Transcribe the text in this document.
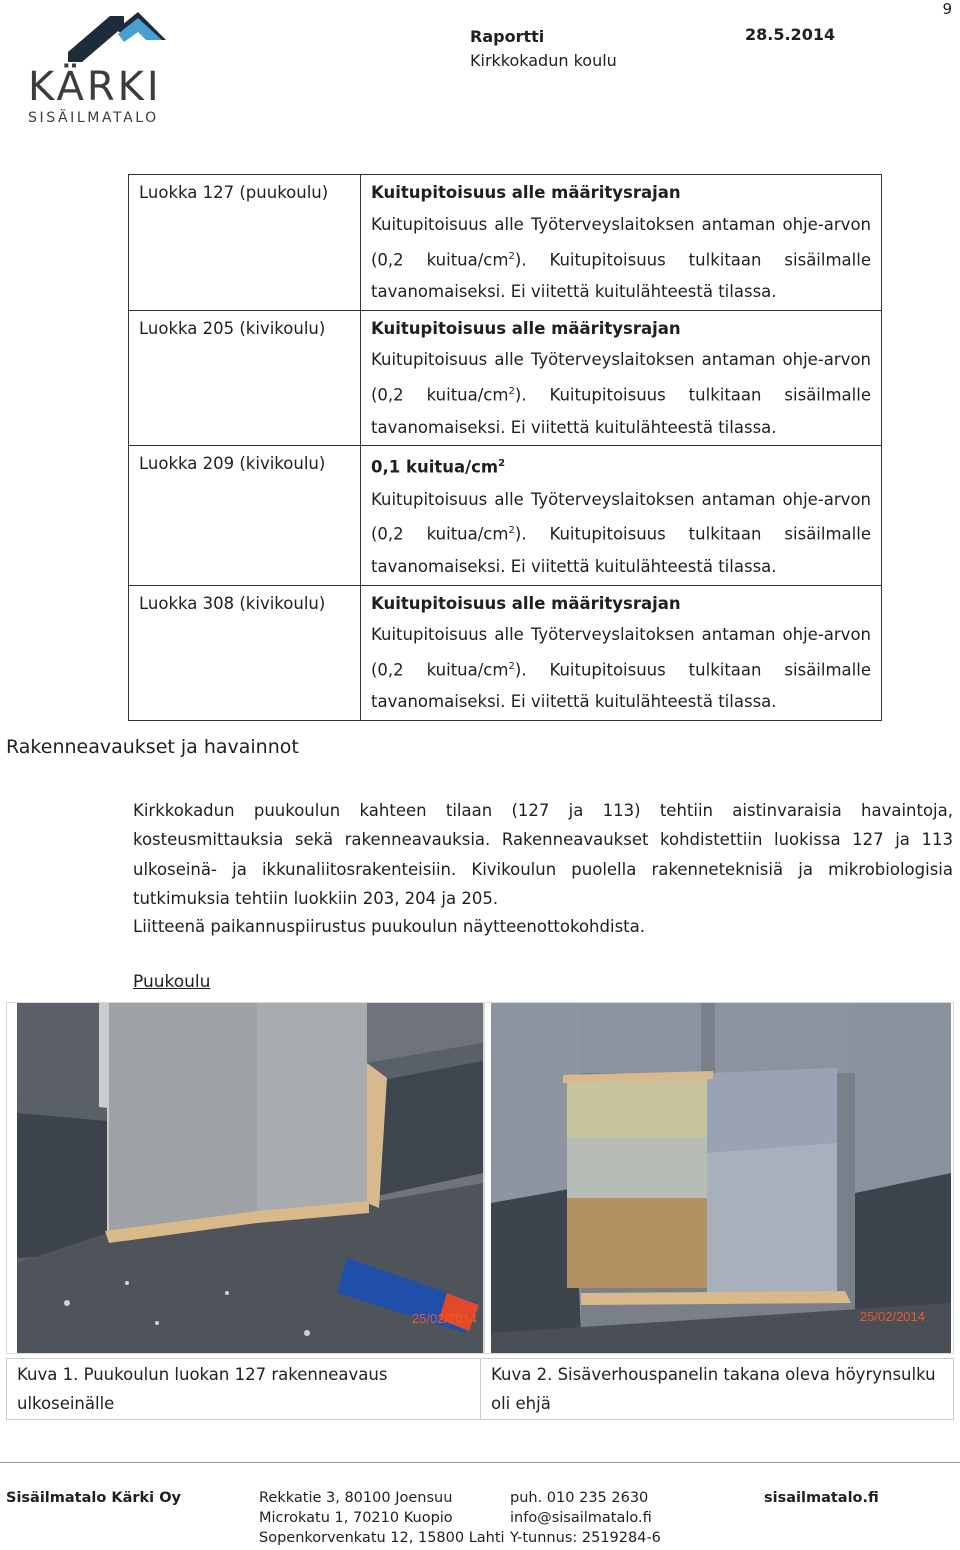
9
KÄRKI
SISÄILMATALO
Raportti
Kirkkokadun koulu
28.5.2014
Luokka 127 (puukoulu)	Kuitupitoisuus alle määritysrajan
Kuitupitoisuus alle Työterveyslaitoksen antaman ohje-arvon (0,2 kuitua/$cm^2$). Kuitupitoisuus tulkitaan sisäilmalle tavanomaiseksi. Ei viitettä kuitulähteestä tilassa.

Luokka 205 (kivikoulu)	Kuitupitoisuus alle määritysrajan
Kuitupitoisuus alle Työterveyslaitoksen antaman ohje-arvon (0,2 kuitua/$cm^2$). Kuitupitoisuus tulkitaan sisäilmalle tavanomaiseksi. Ei viitettä kuitulähteestä tilassa.

Luokka 209 (kivikoulu)	0,1 kuitua/$cm^2$
Kuitupitoisuus alle Työterveyslaitoksen antaman ohje-arvon (0,2 kuitua/$cm^2$). Kuitupitoisuus tulkitaan sisäilmalle tavanomaiseksi. Ei viitettä kuitulähteestä tilassa.

Luokka 308 (kivikoulu)	Kuitupitoisuus alle määritysrajan
Kuitupitoisuus alle Työterveyslaitoksen antaman ohje-arvon (0,2 kuitua/$cm^2$). Kuitupitoisuus tulkitaan sisäilmalle tavanomaiseksi. Ei viitettä kuitulähteestä tilassa.
Rakenneavaukset ja havainnot
Kirkkokadun puukoulun kahteen tilaan (127 ja 113) tehtiin aistinvaraisia havaintoja, kosteusmittauksia sekä rakenneavauksia. Rakenneavaukset kohdistettiin luokissa 127 ja 113 ulkoseinä- ja ikkunaliitosrakenteisiin. Kivikoulun puolella rakenneteknisiä ja mikrobiologisia tutkimuksia tehtiin luokkiin 203, 204 ja 205.
Liitteenä paikannuspiirustus puukoulun näytteenottokohdista.
Puukoulu
25/02/2014	25/02/2014
Kuva 1. Puukoulun luokan 127 rakenneavaus ulkoseinälle	Kuva 2. Sisäverhouspanelin takana oleva höyrynsulku oli ehjä
Sisäilmatalo Kärki Oy	Rekkatie 3, 80100 Joensuu
Microkatu 1, 70210 Kuopio
Sopenkorvenkatu 12, 15800 Lahti
puh. 010 235 2630
info@sisailmatalo.fi
Y-tunnus: 2519284-6
sisailmatalo.fi
